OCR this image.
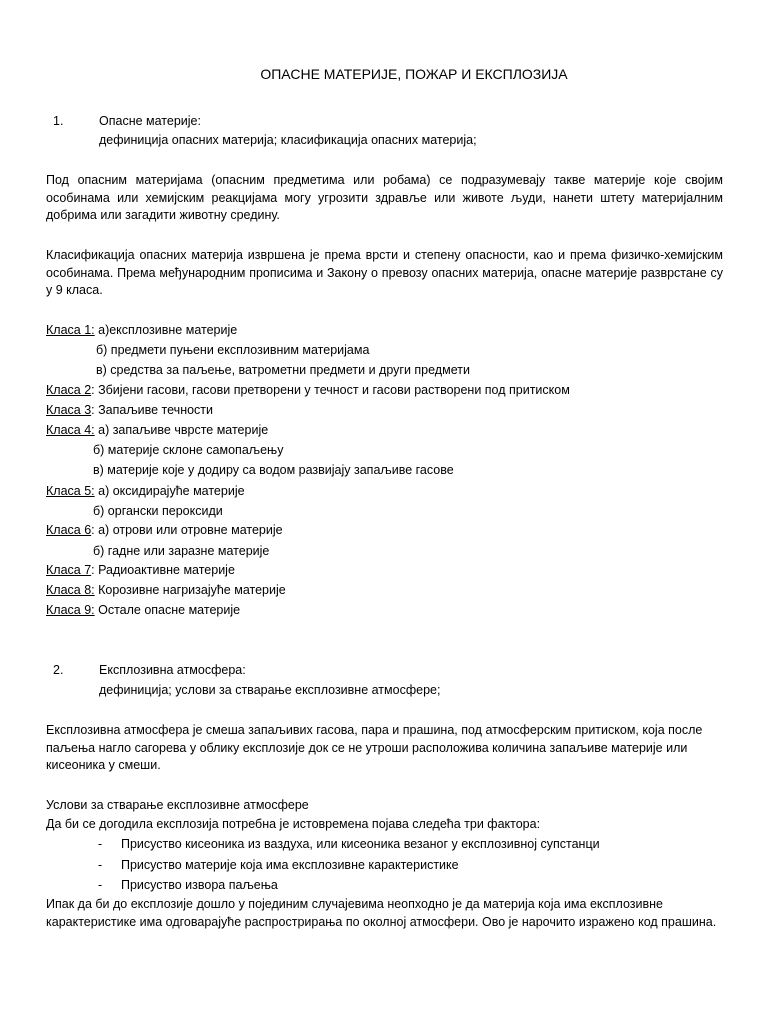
ОПАСНЕ МАТЕРИЈЕ, ПОЖАР И ЕКСПЛОЗИЈА
1.	Опасне материје:
дефиниција опасних материја; класификација опасних материја;
Под опасним материјама (опасним предметима или робама) се подразумевају такве материје које својим особинама или хемијским реакцијама могу угрозити здравље или животе људи, нанети штету материјалним добрима или загадити животну средину.
Класификација опасних материја извршена је према врсти и степену опасности, као и према физичко-хемијским особинама. Према међународним прописима и Закону о превозу опасних материја, опасне материје разврстане су у 9 класа.
Класа 1: а)експлозивне материје
б) предмети пуњени експлозивним материјама
в) средства за паљење, ватрометни предмети и други предмети
Класа 2: Збијени гасови, гасови претворени у течност и гасови растворени под притиском
Класа 3: Запаљиве течности
Класа 4: а) запаљиве чврсте материје
б) материје склоне самопаљењу
в) материје које у додиру са водом развијају запаљиве гасове
Класа 5: а) оксидирајуће материје
б) органски пероксиди
Класа 6: а) отрови или отровне материје
б) гадне или заразне материје
Класа 7: Радиоактивне материје
Класа 8: Корозивне нагризајуће материје
Класа 9: Остале опасне материје
2.	Експлозивна атмосфера:
дефиниција; услови за стварање експлозивне атмосфере;
Експлозивна атмосфера је смеша запаљивих гасова, пара и прашина, под атмосферским притиском, која после паљења нагло сагорева у облику експлозије док се не утроши расположива количина запаљиве материје или кисеоника у смеши.
Услови за стварање експлозивне атмосфере
Да би се догодила експлозија потребна је истовремена појава следећа три фактора:
- Присуство кисеоника из ваздуха, или кисеоника везаног у експлозивној супстанци
- Присуство материје која има експлозивне карактеристике
- Присуство извора паљења
Ипак да би до експлозије дошло у појединим случајевима неопходно је да материја која има експлозивне карактеристике има одговарајуће распрострирања по околној атмосфери. Ово је нарочито изражено код прашина.
